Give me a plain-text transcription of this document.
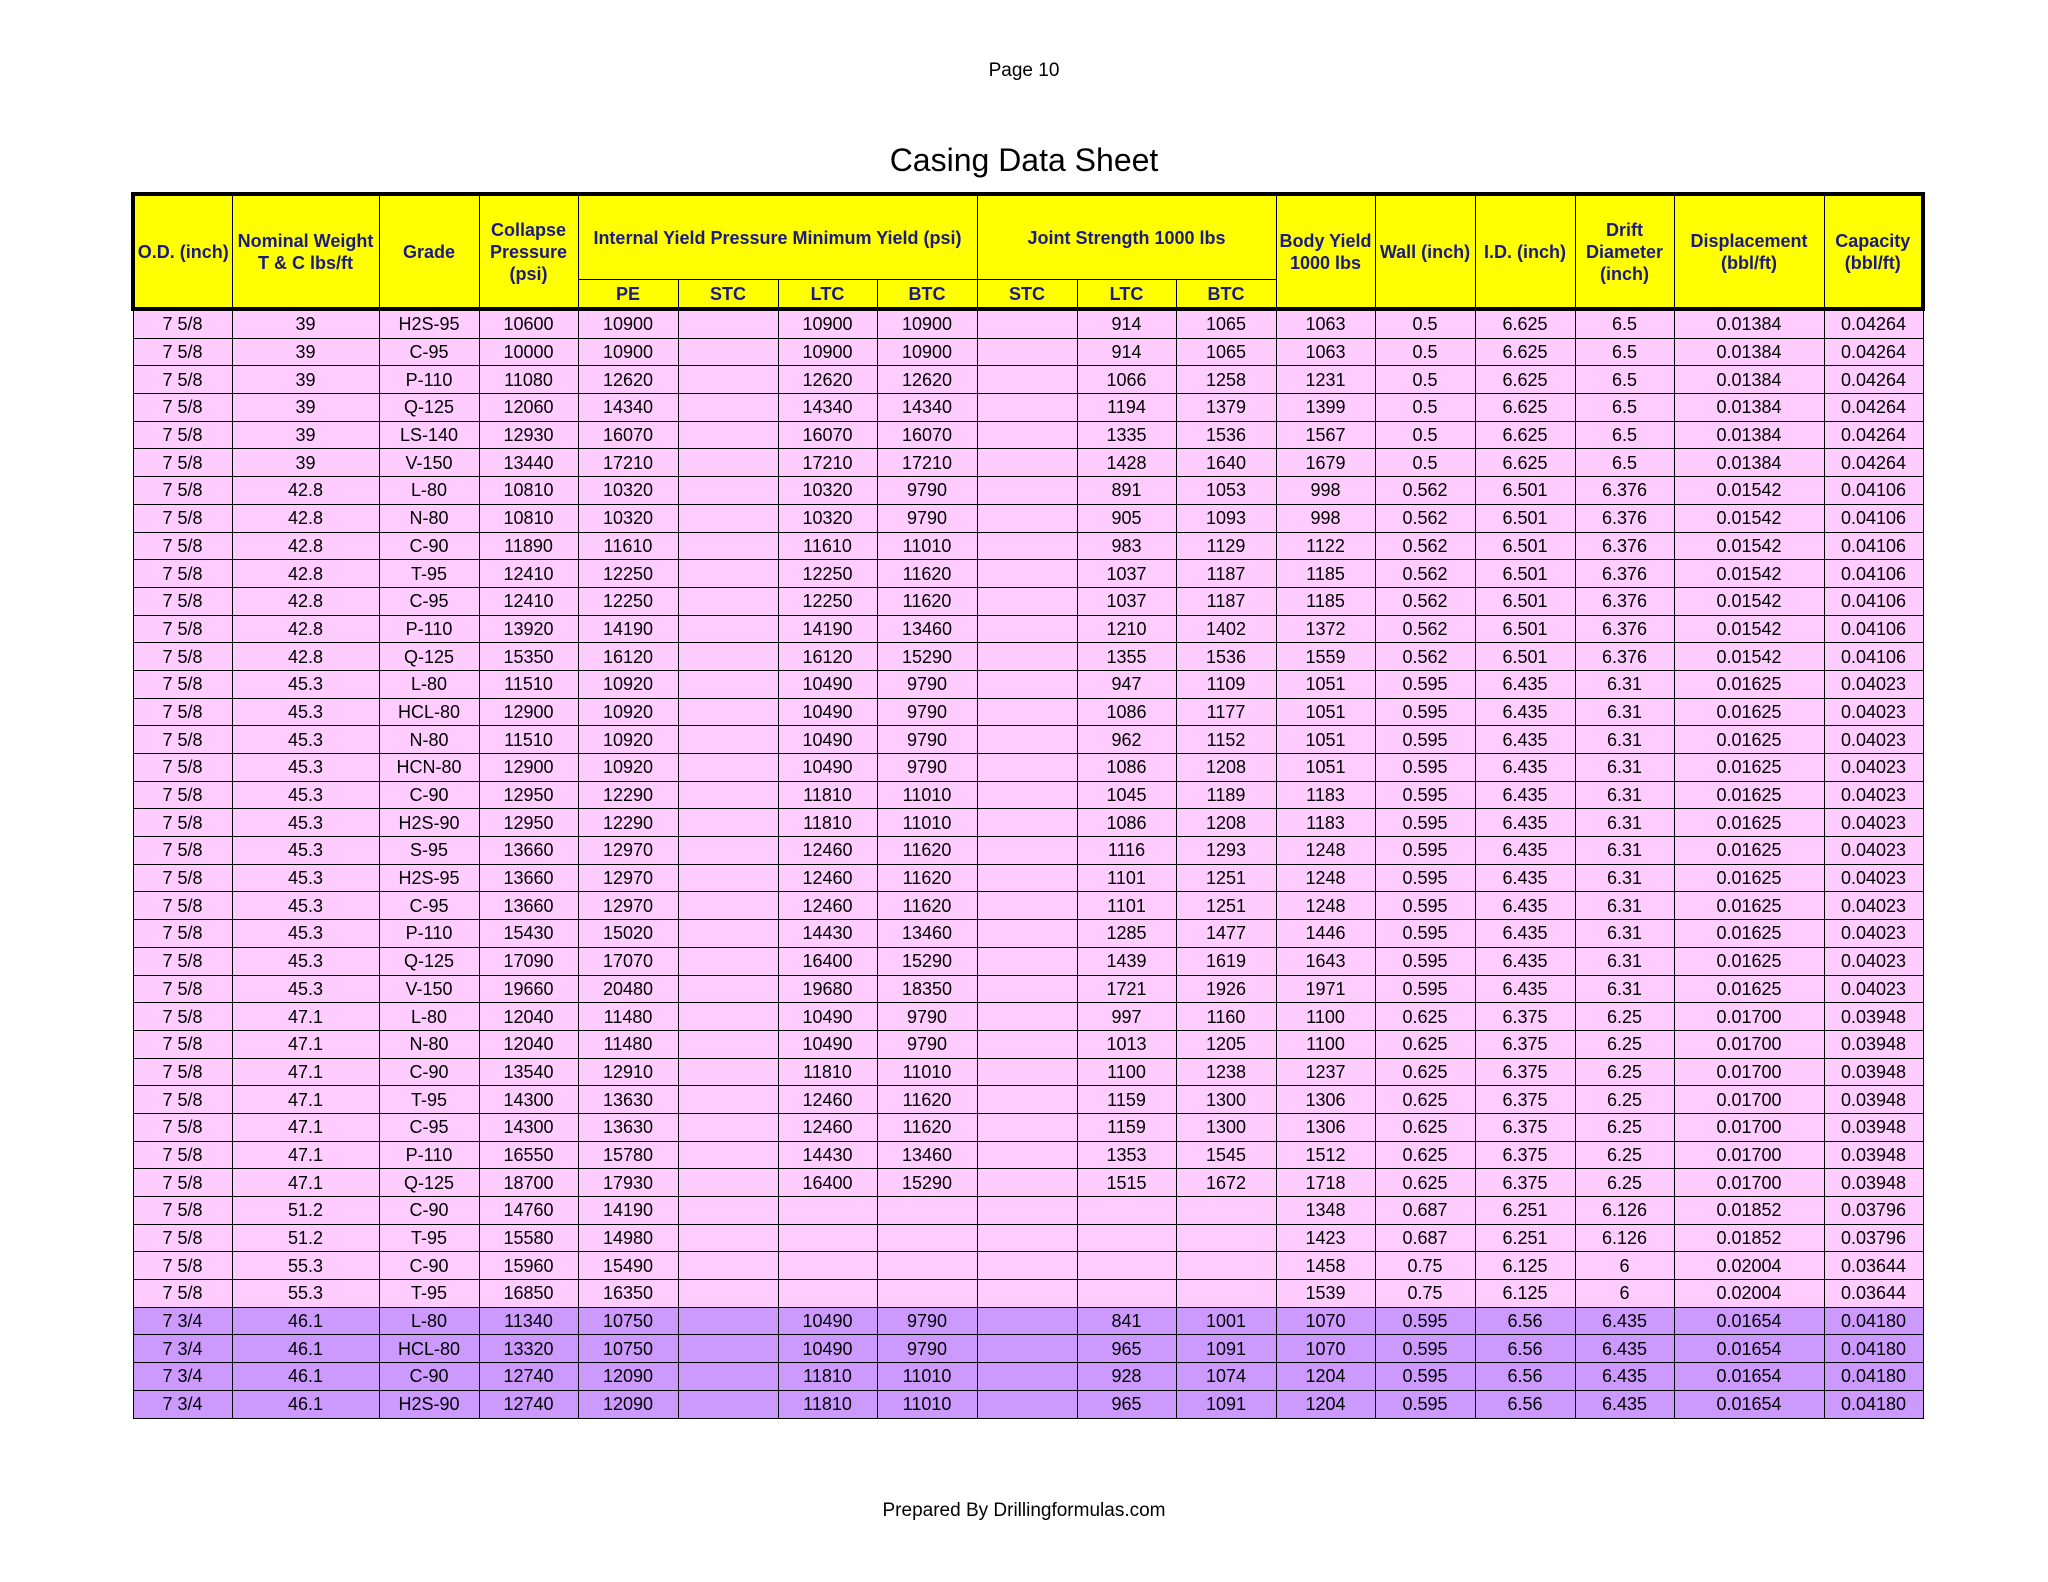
Page 10
Casing Data Sheet
O.D. (inch)	Nominal Weight T & C lbs/ft	Grade	Collapse Pressure (psi)	Internal Yield Pressure Minimum Yield (psi)				Joint Strength 1000 lbs			Body Yield 1000 lbs	Wall (inch)	I.D. (inch)	Drift Diameter (inch)	Displacement (bbl/ft)	Capacity (bbl/ft)
				PE	STC	LTC	BTC	STC	LTC	BTC						
7 5/8	39	H2S-95	10600	10900		10900	10900		914	1065	1063	0.5	6.625	6.5	0.01384	0.04264
7 5/8	39	C-95	10000	10900		10900	10900		914	1065	1063	0.5	6.625	6.5	0.01384	0.04264
7 5/8	39	P-110	11080	12620		12620	12620		1066	1258	1231	0.5	6.625	6.5	0.01384	0.04264
7 5/8	39	Q-125	12060	14340		14340	14340		1194	1379	1399	0.5	6.625	6.5	0.01384	0.04264
7 5/8	39	LS-140	12930	16070		16070	16070		1335	1536	1567	0.5	6.625	6.5	0.01384	0.04264
7 5/8	39	V-150	13440	17210		17210	17210		1428	1640	1679	0.5	6.625	6.5	0.01384	0.04264
7 5/8	42.8	L-80	10810	10320		10320	9790		891	1053	998	0.562	6.501	6.376	0.01542	0.04106
7 5/8	42.8	N-80	10810	10320		10320	9790		905	1093	998	0.562	6.501	6.376	0.01542	0.04106
7 5/8	42.8	C-90	11890	11610		11610	11010		983	1129	1122	0.562	6.501	6.376	0.01542	0.04106
7 5/8	42.8	T-95	12410	12250		12250	11620		1037	1187	1185	0.562	6.501	6.376	0.01542	0.04106
7 5/8	42.8	C-95	12410	12250		12250	11620		1037	1187	1185	0.562	6.501	6.376	0.01542	0.04106
7 5/8	42.8	P-110	13920	14190		14190	13460		1210	1402	1372	0.562	6.501	6.376	0.01542	0.04106
7 5/8	42.8	Q-125	15350	16120		16120	15290		1355	1536	1559	0.562	6.501	6.376	0.01542	0.04106
7 5/8	45.3	L-80	11510	10920		10490	9790		947	1109	1051	0.595	6.435	6.31	0.01625	0.04023
7 5/8	45.3	HCL-80	12900	10920		10490	9790		1086	1177	1051	0.595	6.435	6.31	0.01625	0.04023
7 5/8	45.3	N-80	11510	10920		10490	9790		962	1152	1051	0.595	6.435	6.31	0.01625	0.04023
7 5/8	45.3	HCN-80	12900	10920		10490	9790		1086	1208	1051	0.595	6.435	6.31	0.01625	0.04023
7 5/8	45.3	C-90	12950	12290		11810	11010		1045	1189	1183	0.595	6.435	6.31	0.01625	0.04023
7 5/8	45.3	H2S-90	12950	12290		11810	11010		1086	1208	1183	0.595	6.435	6.31	0.01625	0.04023
7 5/8	45.3	S-95	13660	12970		12460	11620		1116	1293	1248	0.595	6.435	6.31	0.01625	0.04023
7 5/8	45.3	H2S-95	13660	12970		12460	11620		1101	1251	1248	0.595	6.435	6.31	0.01625	0.04023
7 5/8	45.3	C-95	13660	12970		12460	11620		1101	1251	1248	0.595	6.435	6.31	0.01625	0.04023
7 5/8	45.3	P-110	15430	15020		14430	13460		1285	1477	1446	0.595	6.435	6.31	0.01625	0.04023
7 5/8	45.3	Q-125	17090	17070		16400	15290		1439	1619	1643	0.595	6.435	6.31	0.01625	0.04023
7 5/8	45.3	V-150	19660	20480		19680	18350		1721	1926	1971	0.595	6.435	6.31	0.01625	0.04023
7 5/8	47.1	L-80	12040	11480		10490	9790		997	1160	1100	0.625	6.375	6.25	0.01700	0.03948
7 5/8	47.1	N-80	12040	11480		10490	9790		1013	1205	1100	0.625	6.375	6.25	0.01700	0.03948
7 5/8	47.1	C-90	13540	12910		11810	11010		1100	1238	1237	0.625	6.375	6.25	0.01700	0.03948
7 5/8	47.1	T-95	14300	13630		12460	11620		1159	1300	1306	0.625	6.375	6.25	0.01700	0.03948
7 5/8	47.1	C-95	14300	13630		12460	11620		1159	1300	1306	0.625	6.375	6.25	0.01700	0.03948
7 5/8	47.1	P-110	16550	15780		14430	13460		1353	1545	1512	0.625	6.375	6.25	0.01700	0.03948
7 5/8	47.1	Q-125	18700	17930		16400	15290		1515	1672	1718	0.625	6.375	6.25	0.01700	0.03948
7 5/8	51.2	C-90	14760	14190							1348	0.687	6.251	6.126	0.01852	0.03796
7 5/8	51.2	T-95	15580	14980							1423	0.687	6.251	6.126	0.01852	0.03796
7 5/8	55.3	C-90	15960	15490							1458	0.75	6.125	6	0.02004	0.03644
7 5/8	55.3	T-95	16850	16350							1539	0.75	6.125	6	0.02004	0.03644
7 3/4	46.1	L-80	11340	10750		10490	9790		841	1001	1070	0.595	6.56	6.435	0.01654	0.04180
7 3/4	46.1	HCL-80	13320	10750		10490	9790		965	1091	1070	0.595	6.56	6.435	0.01654	0.04180
7 3/4	46.1	C-90	12740	12090		11810	11010		928	1074	1204	0.595	6.56	6.435	0.01654	0.04180
7 3/4	46.1	H2S-90	12740	12090		11810	11010		965	1091	1204	0.595	6.56	6.435	0.01654	0.04180
Prepared By Drillingformulas.com
